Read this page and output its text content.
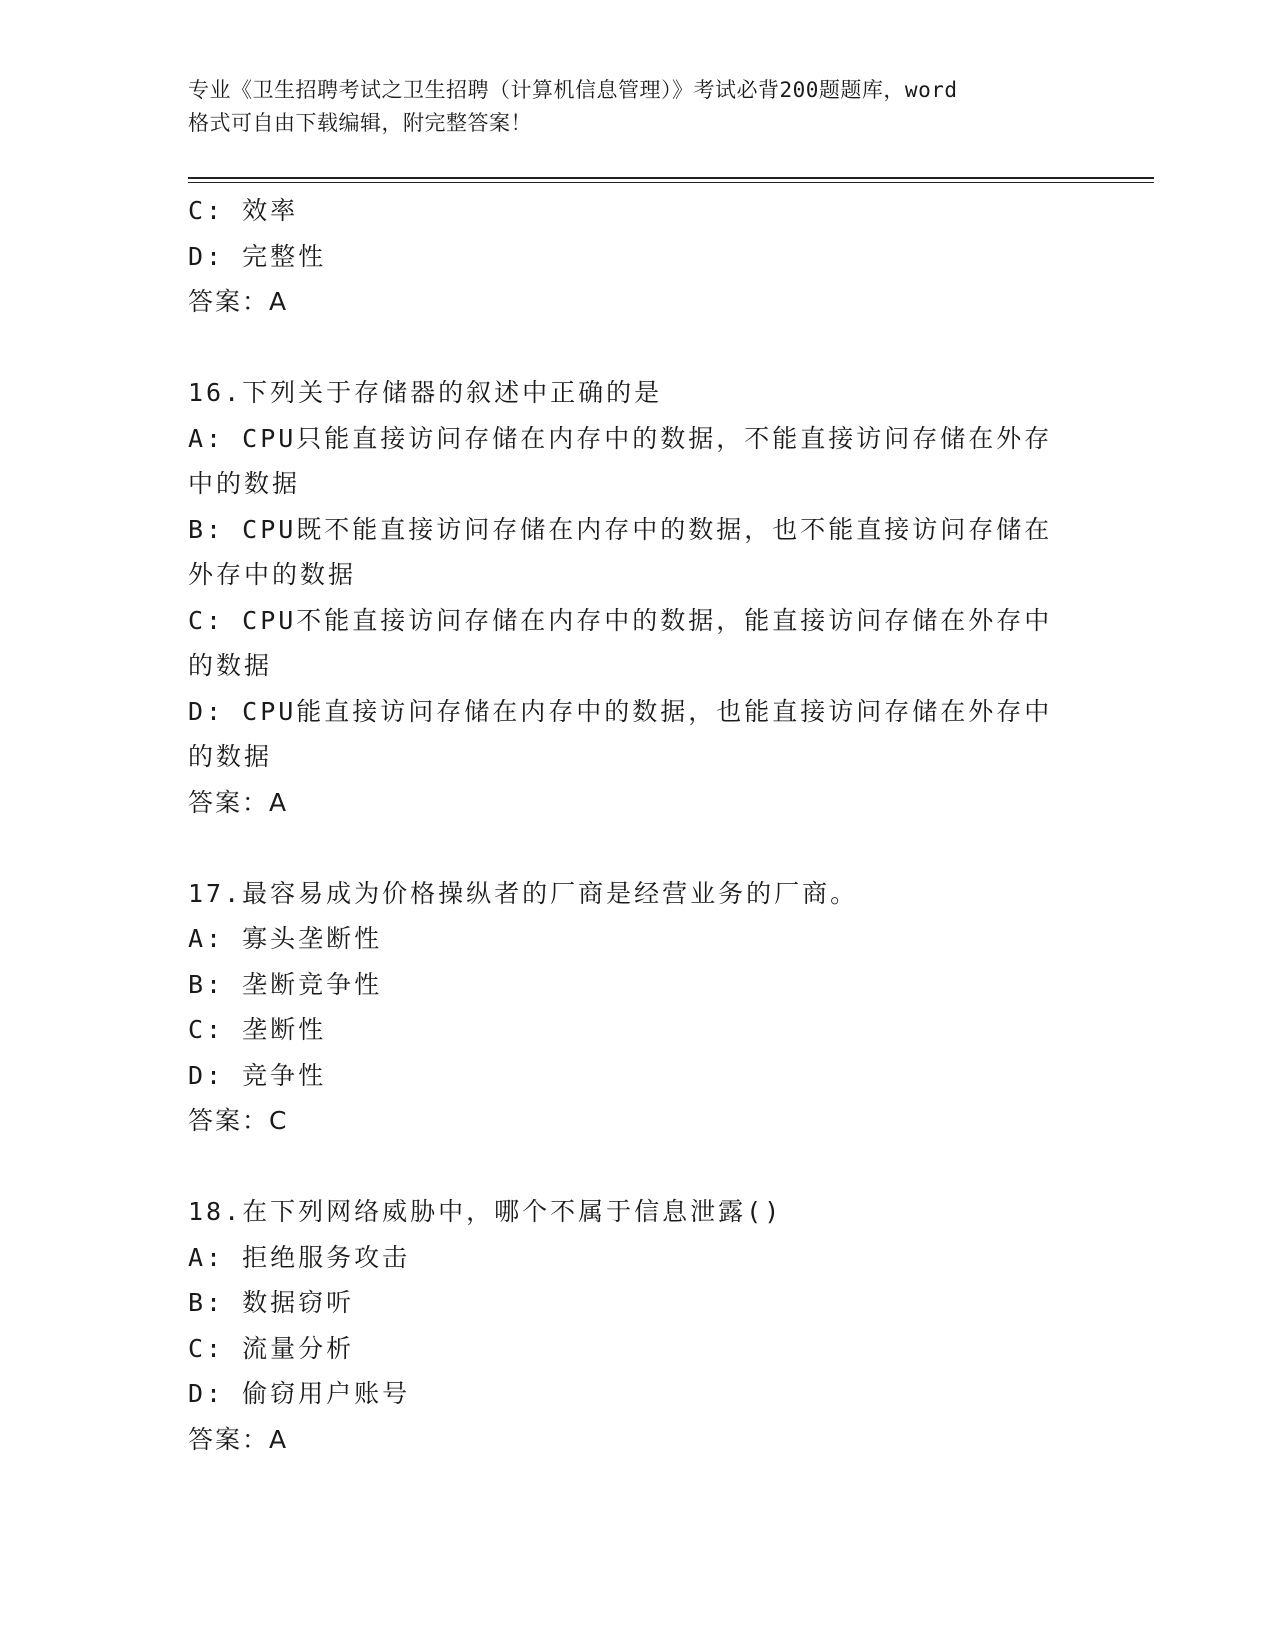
专业《卫生招聘考试之卫生招聘（计算机信息管理）》考试必背200题题库，word
格式可自由下载编辑，附完整答案！
C: 效率
D: 完整性
答案：A
16.下列关于存储器的叙述中正确的是
A: CPU只能直接访问存储在内存中的数据，不能直接访问存储在外存
中的数据
B: CPU既不能直接访问存储在内存中的数据，也不能直接访问存储在
外存中的数据
C: CPU不能直接访问存储在内存中的数据，能直接访问存储在外存中
的数据
D: CPU能直接访问存储在内存中的数据，也能直接访问存储在外存中
的数据
答案：A
17.最容易成为价格操纵者的厂商是经营业务的厂商。
A: 寡头垄断性
B: 垄断竞争性
C: 垄断性
D: 竞争性
答案：C
18.在下列网络威胁中，哪个不属于信息泄露()
A: 拒绝服务攻击
B: 数据窃听
C: 流量分析
D: 偷窃用户账号
答案：A
